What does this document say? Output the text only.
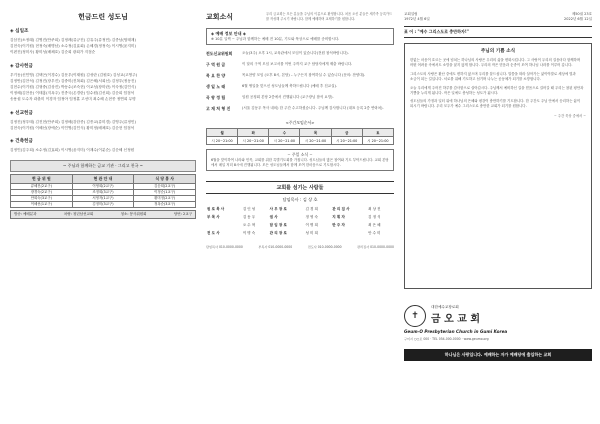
헌금드린 성도님
◈ 십일조
김삼진(소정래) 김영진(안쿠희) 김정례(류규진) 김유주(류정민) 김종남(엄태재)
김현숙(이기원) 현정숙(배병남) 소수정(김효회) 손혜경(정정숙) 이시영(윤지미)
이편진(정미사) 황미성(배채호) 김순희 광희가 지점순
◈ 감사헌금
우기동(신인영) 김택곤(이경수) 김문우(이재원) 김성란 (김원호) 김성교(고영주)
김정안(김찬석) 김정진(장우진) 김중미(진복회) 김은혜(서희선) 김정우(정동진)
김현수(이기원) 김형중(김상진) 박동수(조숙현) 이교성(장미란) 이숙정(김인식)
이정혜(김찬문) 이태홍(지옥주) 진종국(온경란) 임수원(김신희) 김순희 임점석
송용섭 도수자 곽춘미 이경자 임정아 임정훈 고선미 최수혜 손현종 정연희 무명
◈ 선교헌금
김정진(정우태) 김진현(안쿠희) 김정배(강한종) 김종교(류미경) 김영주(류정민)
김현숙(이기원) 이혜선(장애순) 이인영(김인식) 황미정(배채호) 김순현 임점석
◈ 건축헌금
김정인(김주희) 소수정(김효회) 이시영(윤지미) 이재수(이분순) 김순혜 신정원
~ 주님과 함께하는 금교 기관 · 그리고 천국 ~
헌 금 위 원	현 관 안 내	식 당 봉 사
류혜진(2교구)	이영희(2교구)	김순희(2교구)
장경숙(2교구)	조정희(3교구)	이정순(1교구)
안희숙(3교구)	서영자(1교구)	황미정(2교구)
이혜선(1교구)	김정미(3교구)	정옥순(3교구)
방송: 예배분과	차량: 청년남선교회	청소: 봉사위원회	당번: 2교구
교회소식	우리 금교회는 모든 분들을 주님의 이름으로 환영합니다. 처음 오신 분들은 새가족 등록카드를 작성해 주시기 바랍니다. 함께 예배하며 교제하기를 원합니다.
◈ 예배 정보 안내 ◈
※ 10분 일찍 ~ 주님과 함께하는 예배 전 10분, 기도와 묵상으로 예배를 준비합시다.
전도신교위원회	오늘(3주) 오후 1시, 교육관에서 모임이 있습니다(전원 참석바랍니다).
구 역 원 급	이 달의 구역 모임 보고서를 이번 주까지 교구 담당자에게 제출 바랍니다.
목 요 찬 양	목요찬양 모임 (오후 8시, 본당) – 누구든지 참여하실 수 있습니다 (문의: 찬양대).
생 일 노 래	6월 생일을 맞으신 성도님들께 축하드립니다 (예배 후 친교실).
곡 왕 정 립	임원 공청회 본당 2층에서 진행됩니다 (교구장님 참석 요망).
고 재 처 형 진	(서울 김동우 목사 내외) 한 주간 수고하셨습니다. 주님께 감사합니다 (대표 등록 2층 연락처).
<주간모임순서>
월	화	수	목	금	토
시 20~21:00	시 20~21:00	시 20~21:00	시 20~21:00	시 20~21:00	시 20~21:00
~ 주일 소식 ~
6월을 맞이하여 나라와 민족, 교회를 위한 특별기도회를 가집니다. 성도님들의 많은 참여와 기도 부탁드립니다. 교회 본당에서 매일 저녁 8시에 진행됩니다. 모든 성도님들께서 함께 모여 한마음으로 기도합시다.
교회를 섬기는 사람들
담임목사 : 김 상 호
원 로 목 사	김 인 성	사 무 장 로	김 경 희	관 리 집 사	최 상 진
부 목 사	김 동 우	권 사	정 영 숙	지 휘 자	김 정 식
	오 수 혁	담 임 장 로	이 명 희	반 주 자	최 은 혜
전 도 사	이 명 숙	관 리 장 로	성 미 희		안 수 미
담임목사 010-0000-0000	부목사 010-0000-0000	전도사 010-0000-0000	관리집사 010-0000-0000
교회설립
1972년 4월 6일
제50권 23호
2022년 6월 12일
표 어 : "예수 그리스도로 충만하자!"
주님의 기쁨 소식
한없는 마음이 흐르는 곳에 넘치는 하나님의 사랑은 우리의 삶을 변화시킵니다. 그 사랑이 우리의 걸음마다 함께하며 어떤 어려움 속에서도 소망을 잃지 않게 합니다. 우리의 작은 믿음과 순종이 모여 하나님 나라를 이루어 갑니다.
그리스도의 사랑은 환난 중에도 변하지 않으며 우리를 붙드십니다. 말씀을 따라 살아가는 삶이야말로 세상에 빛과 소금이 되는 길입니다. 서로를 위해 기도하고 섬기며 나누는 공동체가 되기를 소망합니다.
오늘 우리에게 주어진 하루를 감사함으로 살아갑시다. 주님께서 예비하신 길을 믿음으로 걸어갈 때 우리는 참된 평안과 기쁨을 누리게 됩니다. 작은 일에도 충성하는 성도가 됩시다.
성도님들의 가정과 일터 위에 하나님의 은혜와 평강이 충만하기를 기도합니다. 한 주간도 주님 안에서 승리하는 삶이 되시기 바랍니다. 우리 모두가 예수 그리스도로 충만한 교회가 되기를 원합니다.
~ 주간 묵상 중에서 ~
✝
대한예수교장로회
금 오 교 회
Geum-O Presbyterian Church in Gumi Korea
구미시 ○○로 000 · TEL 054-000-0000 · www.geumo.org
하나님은 사랑입니다. 예배하는 자가 예배당에 출입하는 교회
